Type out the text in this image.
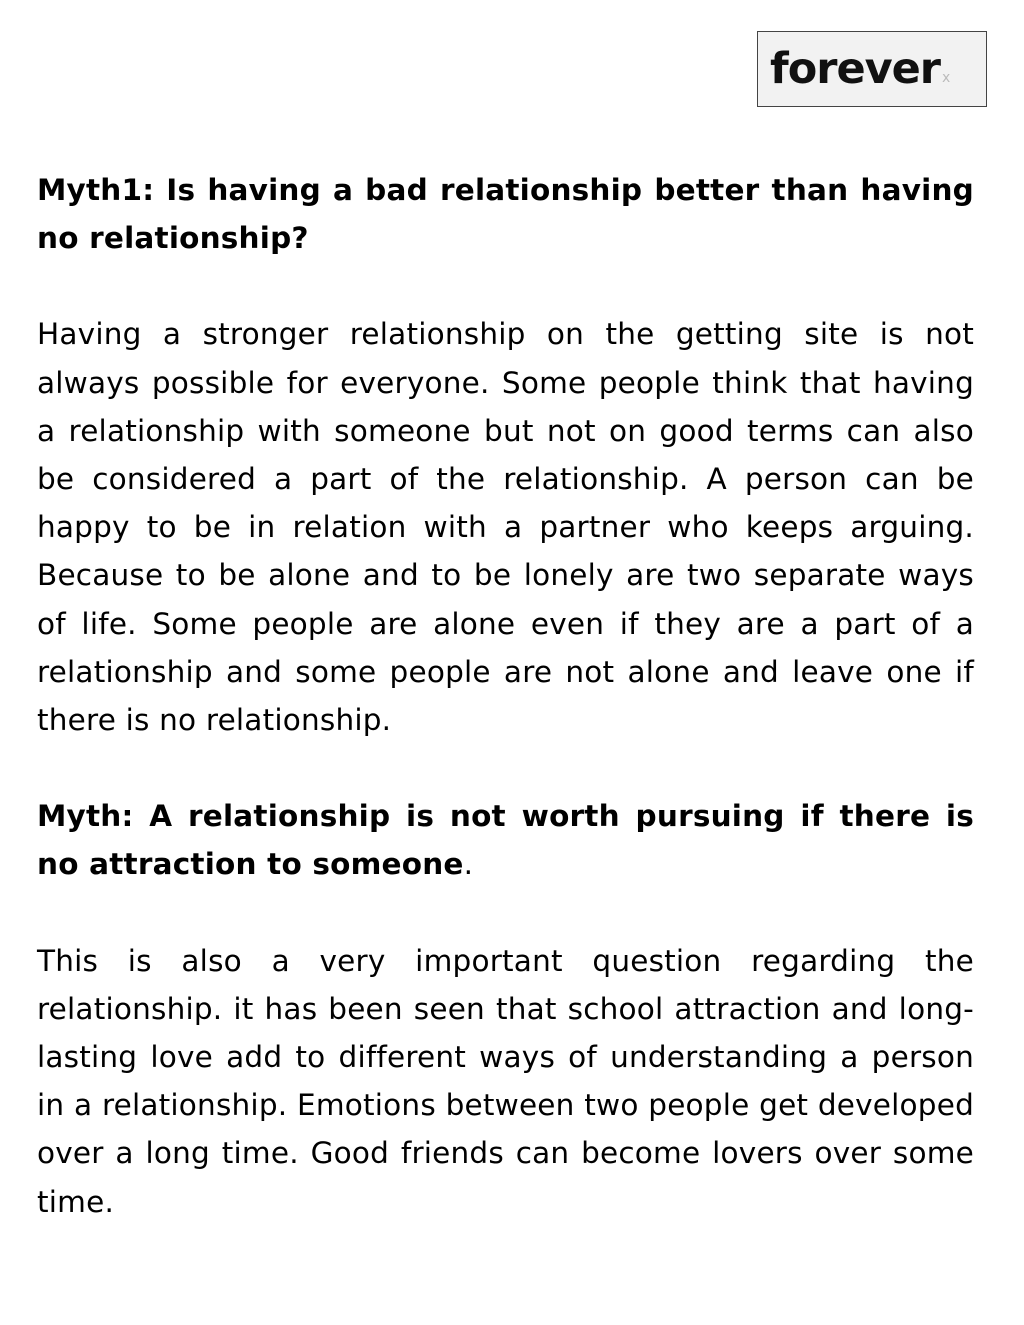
forever x

Myth1: Is having a bad relationship better than having no relationship?

Having a stronger relationship on the getting site is not always possible for everyone. Some people think that having a relationship with someone but not on good terms can also be considered a part of the relationship. A person can be happy to be in relation with a partner who keeps arguing. Because to be alone and to be lonely are two separate ways of life. Some people are alone even if they are a part of a relationship and some people are not alone and leave one if there is no relationship.

Myth: A relationship is not worth pursuing if there is no attraction to someone.

This is also a very important question regarding the relationship. it has been seen that school attraction and long-lasting love add to different ways of understanding a person in a relationship. Emotions between two people get developed over a long time. Good friends can become lovers over some time.
